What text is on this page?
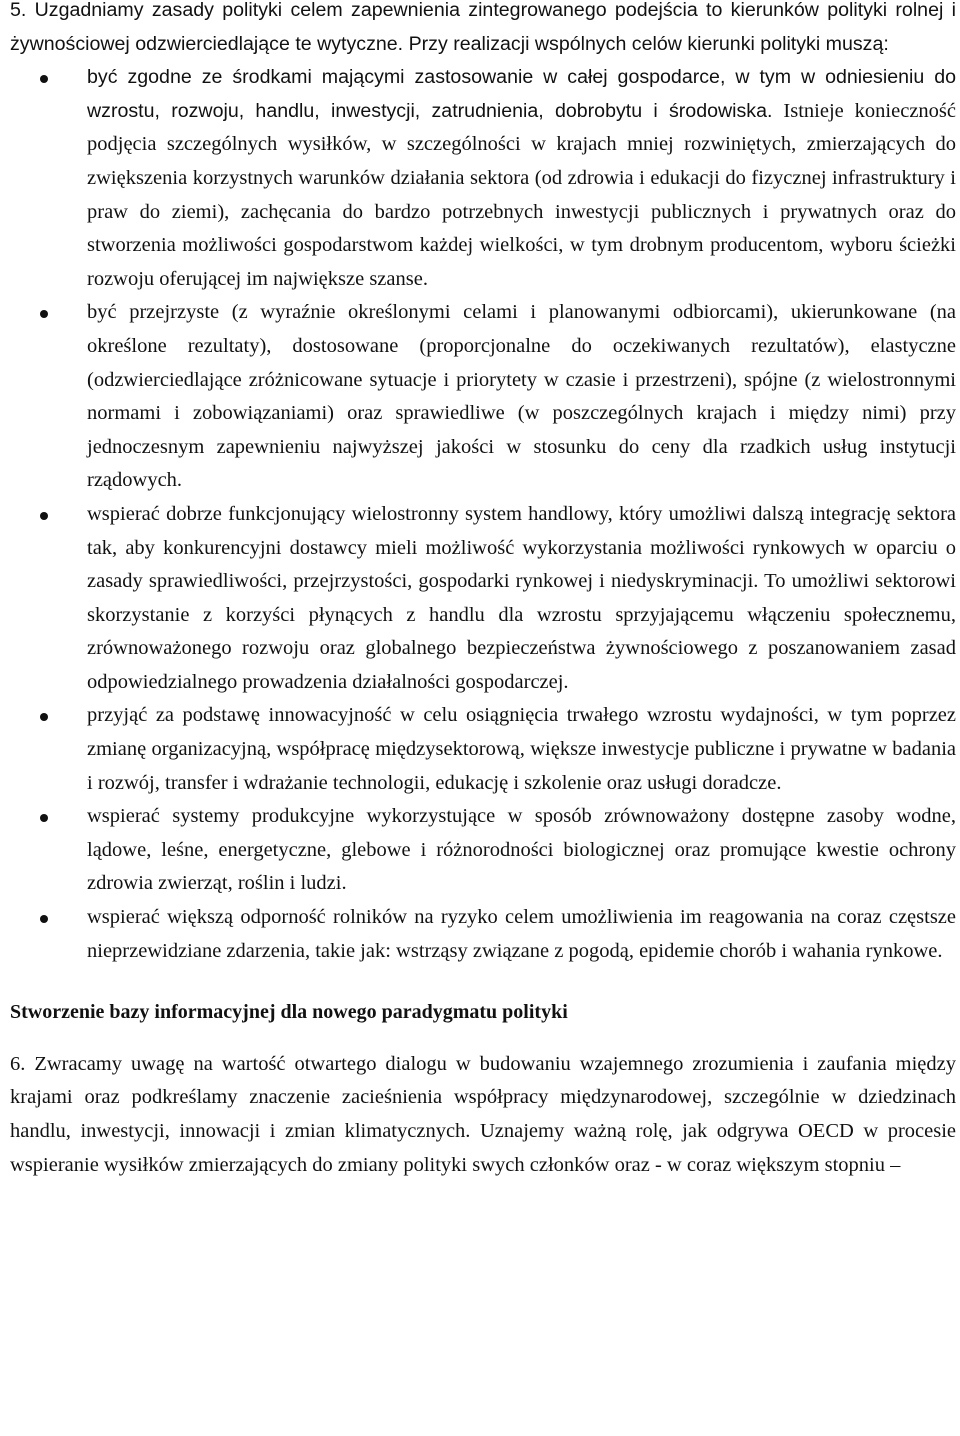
5. Uzgadniamy zasady polityki celem zapewnienia zintegrowanego podejścia to kierunków polityki rolnej i żywnościowej odzwierciedlające te wytyczne. Przy realizacji wspólnych celów kierunki polityki muszą:

być zgodne ze środkami mającymi zastosowanie w całej gospodarce, w tym w odniesieniu do wzrostu, rozwoju, handlu, inwestycji, zatrudnienia, dobrobytu i środowiska. Istnieje konieczność podjęcia szczególnych wysiłków, w szczególności w krajach mniej rozwiniętych, zmierzających do zwiększenia korzystnych warunków działania sektora (od zdrowia i edukacji do fizycznej infrastruktury i praw do ziemi), zachęcania do bardzo potrzebnych inwestycji publicznych i prywatnych oraz do stworzenia możliwości gospodarstwom każdej wielkości, w tym drobnym producentom, wyboru ścieżki rozwoju oferującej im największe szanse.
być przejrzyste (z wyraźnie określonymi celami i planowanymi odbiorcami), ukierunkowane (na określone rezultaty), dostosowane (proporcjonalne do oczekiwanych rezultatów), elastyczne (odzwierciedlające zróżnicowane sytuacje i priorytety w czasie i przestrzeni), spójne (z wielostronnymi normami i zobowiązaniami) oraz sprawiedliwe (w poszczególnych krajach i między nimi) przy jednoczesnym zapewnieniu najwyższej jakości w stosunku do ceny dla rzadkich usług instytucji rządowych.
wspierać dobrze funkcjonujący wielostronny system handlowy, który umożliwi dalszą integrację sektora tak, aby konkurencyjni dostawcy mieli możliwość wykorzystania możliwości rynkowych w oparciu o zasady sprawiedliwości, przejrzystości, gospodarki rynkowej i niedyskryminacji. To umożliwi sektorowi skorzystanie z korzyści płynących z handlu dla wzrostu sprzyjającemu włączeniu społecznemu, zrównoważonego rozwoju oraz globalnego bezpieczeństwa żywnościowego z poszanowaniem zasad odpowiedzialnego prowadzenia działalności gospodarczej.
przyjąć za podstawę innowacyjność w celu osiągnięcia trwałego wzrostu wydajności, w tym poprzez zmianę organizacyjną, współpracę międzysektorową, większe inwestycje publiczne i prywatne w badania i rozwój, transfer i wdrażanie technologii, edukację i szkolenie oraz usługi doradcze.
wspierać systemy produkcyjne wykorzystujące w sposób zrównoważony dostępne zasoby wodne, lądowe, leśne, energetyczne, glebowe i różnorodności biologicznej oraz promujące kwestie ochrony zdrowia zwierząt, roślin i ludzi.
wspierać większą odporność rolników na ryzyko celem umożliwienia im reagowania na coraz częstsze nieprzewidziane zdarzenia, takie jak: wstrząsy związane z pogodą, epidemie chorób i wahania rynkowe.

Stworzenie bazy informacyjnej dla nowego paradygmatu polityki

6. Zwracamy uwagę na wartość otwartego dialogu w budowaniu wzajemnego zrozumienia i zaufania między krajami oraz podkreślamy znaczenie zacieśnienia współpracy międzynarodowej, szczególnie w dziedzinach handlu, inwestycji, innowacji i zmian klimatycznych. Uznajemy ważną rolę, jak odgrywa OECD w procesie wspieranie wysiłków zmierzających do zmiany polityki swych członków oraz - w coraz większym stopniu –
